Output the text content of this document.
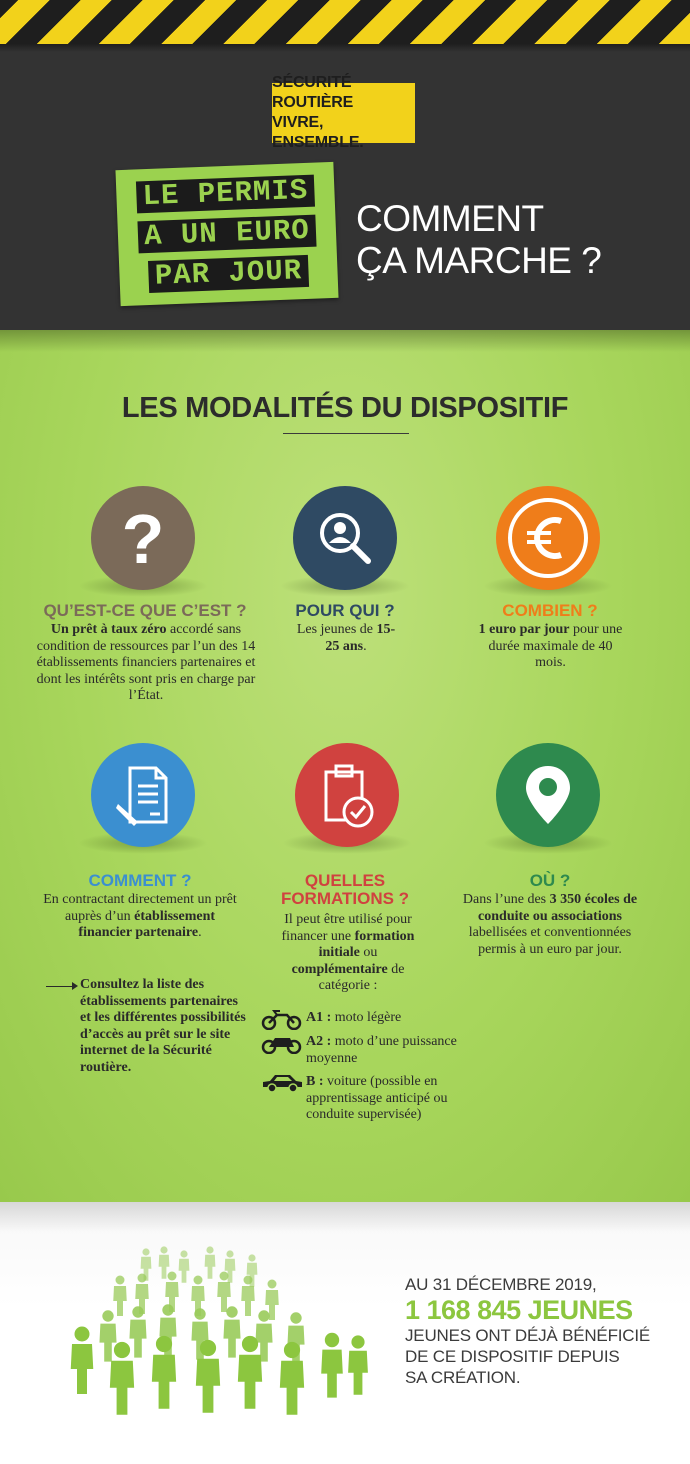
SÉCURITÉ ROUTIÈRE
VIVRE, ENSEMBLE.
LE PERMIS
A UN EURO
PAR JOUR
COMMENT
ÇA MARCHE ?
LES MODALITÉS DU DISPOSITIF
?
QU’EST-CE QUE C’EST ?
Un prêt à taux zéro accordé sans condition de ressources par l’un des 14 établissements financiers partenaires et dont les intérêts sont pris en charge par l’État.
POUR QUI ?
Les jeunes de 15-25 ans.
COMBIEN ?
1 euro par jour pour une durée maximale de 40 mois.
COMMENT ?
En contractant directement un prêt auprès d’un établissement financier partenaire.
Consultez la liste des établissements partenaires et les différentes possibilités d’accès au prêt sur le site internet de la Sécurité routière.
QUELLES
FORMATIONS ?
Il peut être utilisé pour financer une formation initiale ou complémentaire de catégorie :
A1 : moto légère
A2 : moto d’une puissance moyenne
B : voiture (possible en apprentissage anticipé ou conduite supervisée)
OÙ ?
Dans l’une des 3 350 écoles de conduite ou associations labellisées et conventionnées permis à un euro par jour.
AU 31 DÉCEMBRE 2019,
1 168 845 JEUNES
JEUNES ONT DÉJÀ BÉNÉFICIÉ
DE CE DISPOSITIF DEPUIS
SA CRÉATION.
